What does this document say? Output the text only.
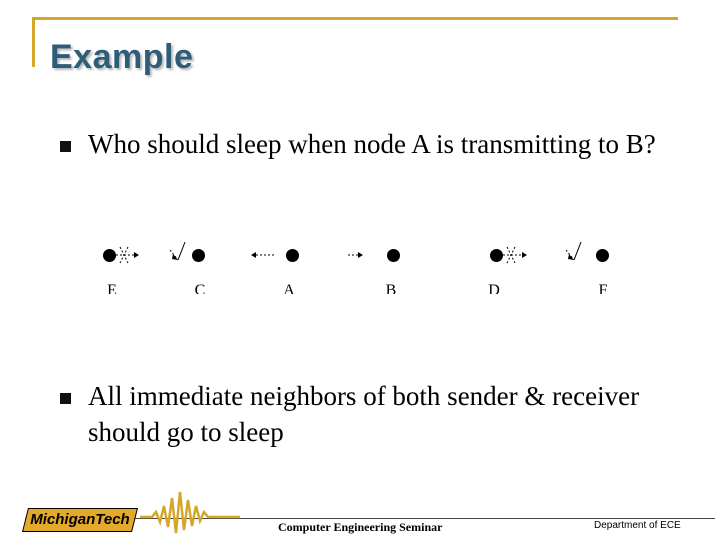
Example
Who should sleep when node A is transmitting to B?
E	C	A	B	D	F
All immediate neighbors of both sender & receiver should go to sleep
MichiganTech	Computer Engineering Seminar	Department of ECE
